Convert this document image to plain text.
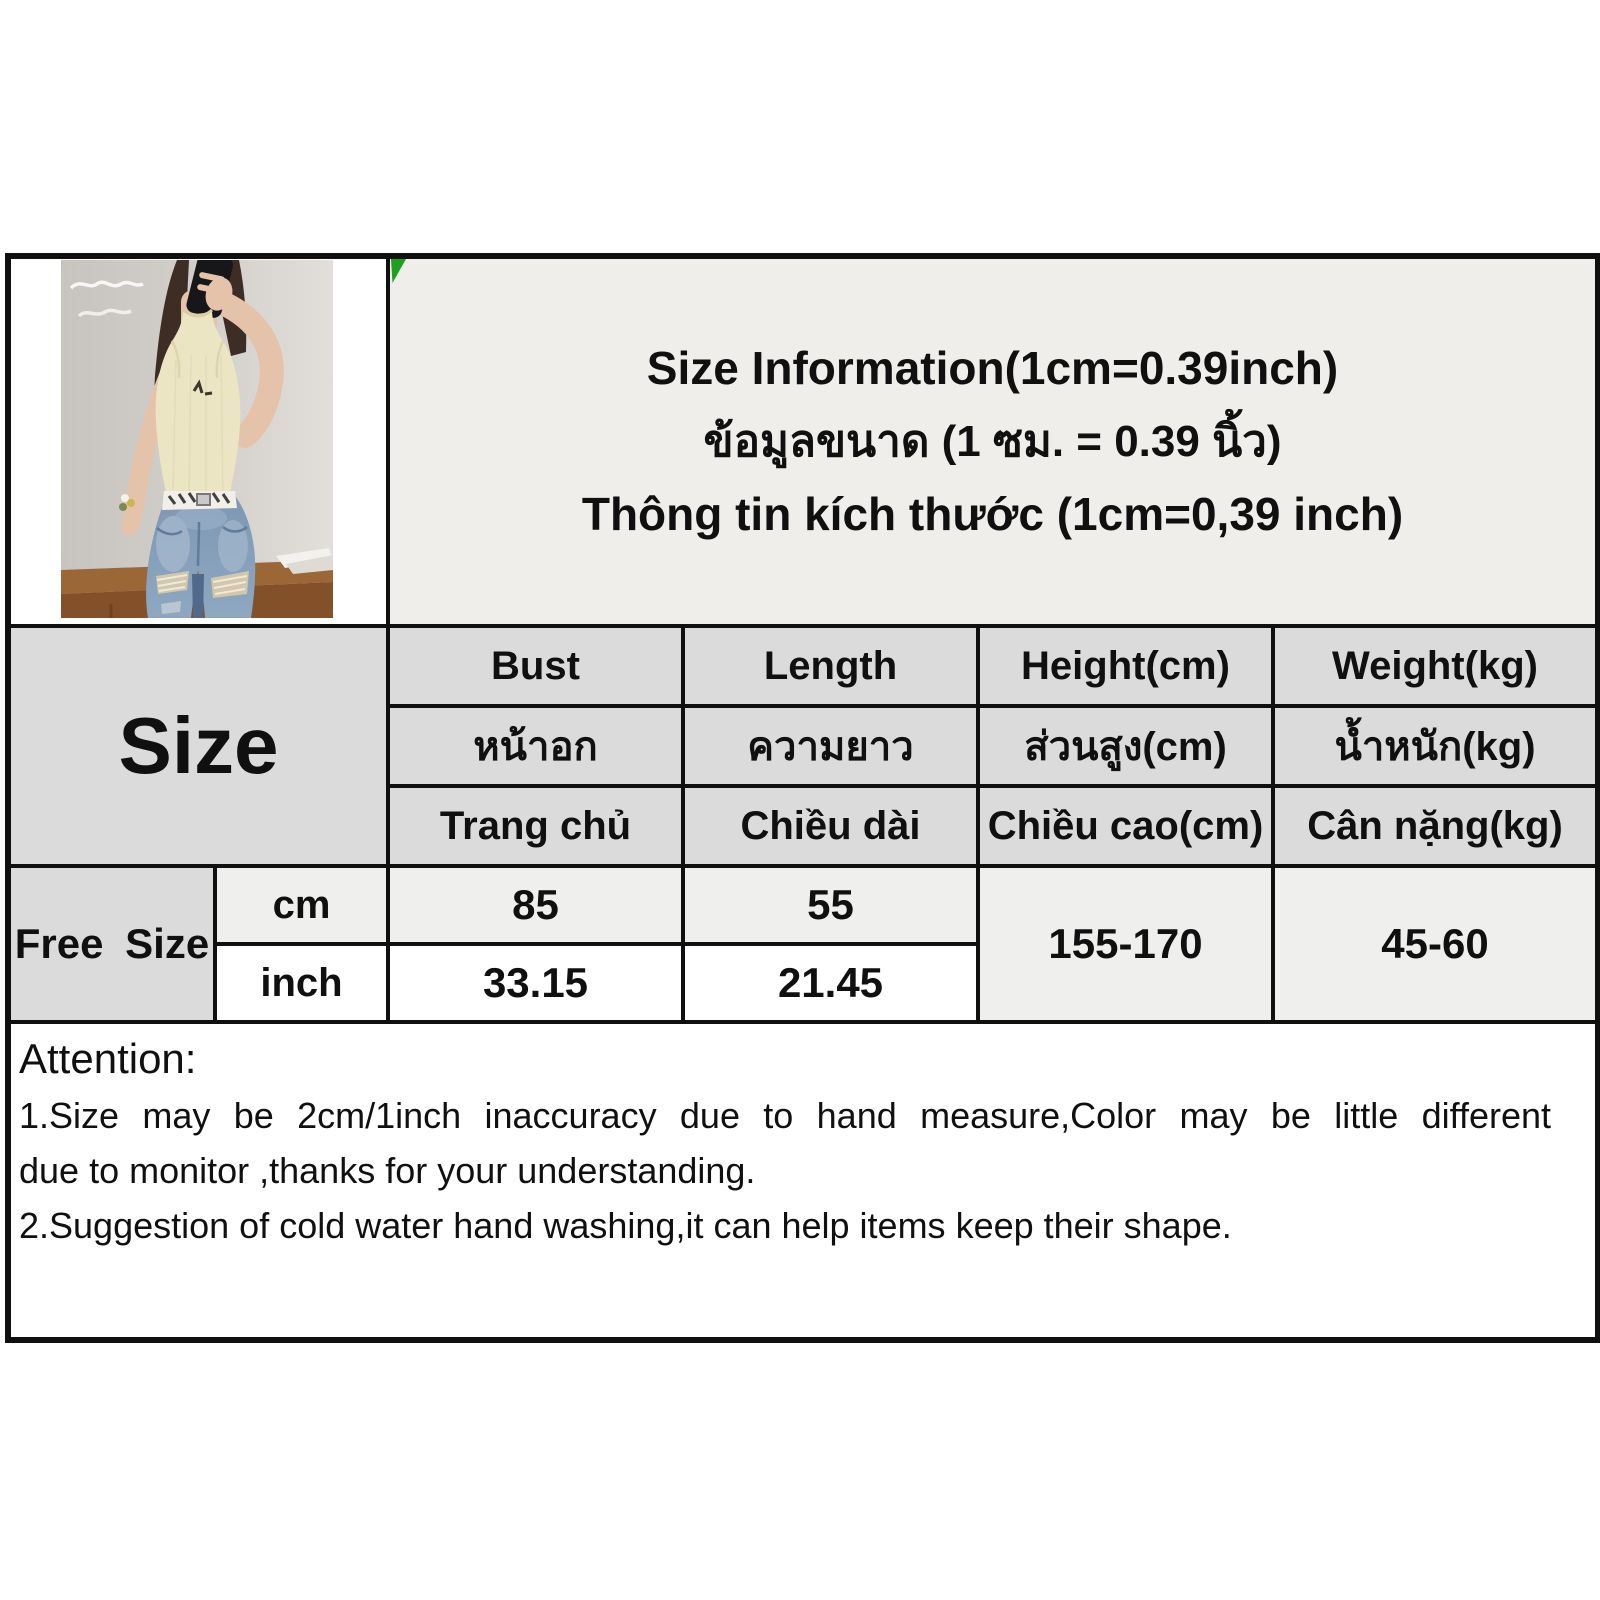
Size Information(1cm=0.39inch)
ข้อมูลขนาด (1 ซม. = 0.39 นิ้ว)
Thông tin kích thước (1cm=0,39 inch)			

Size		Bust	Length	Height(cm)	Weight(kg)
		หน้าอก	ความยาว	ส่วนสูง(cm)	น้ำหนัก(kg)
		Trang chủ	Chiều dài	Chiều cao(cm)	Cân nặng(kg)
Free Size	cm	85	55	155-170	45-60
	inch	33.15	21.45		

Attention:
1.Size may be 2cm/1inch inaccuracy due to hand measure,Color may be little different
due to monitor ,thanks for your understanding.
2.Suggestion of cold water hand washing,it can help items keep their shape.					
